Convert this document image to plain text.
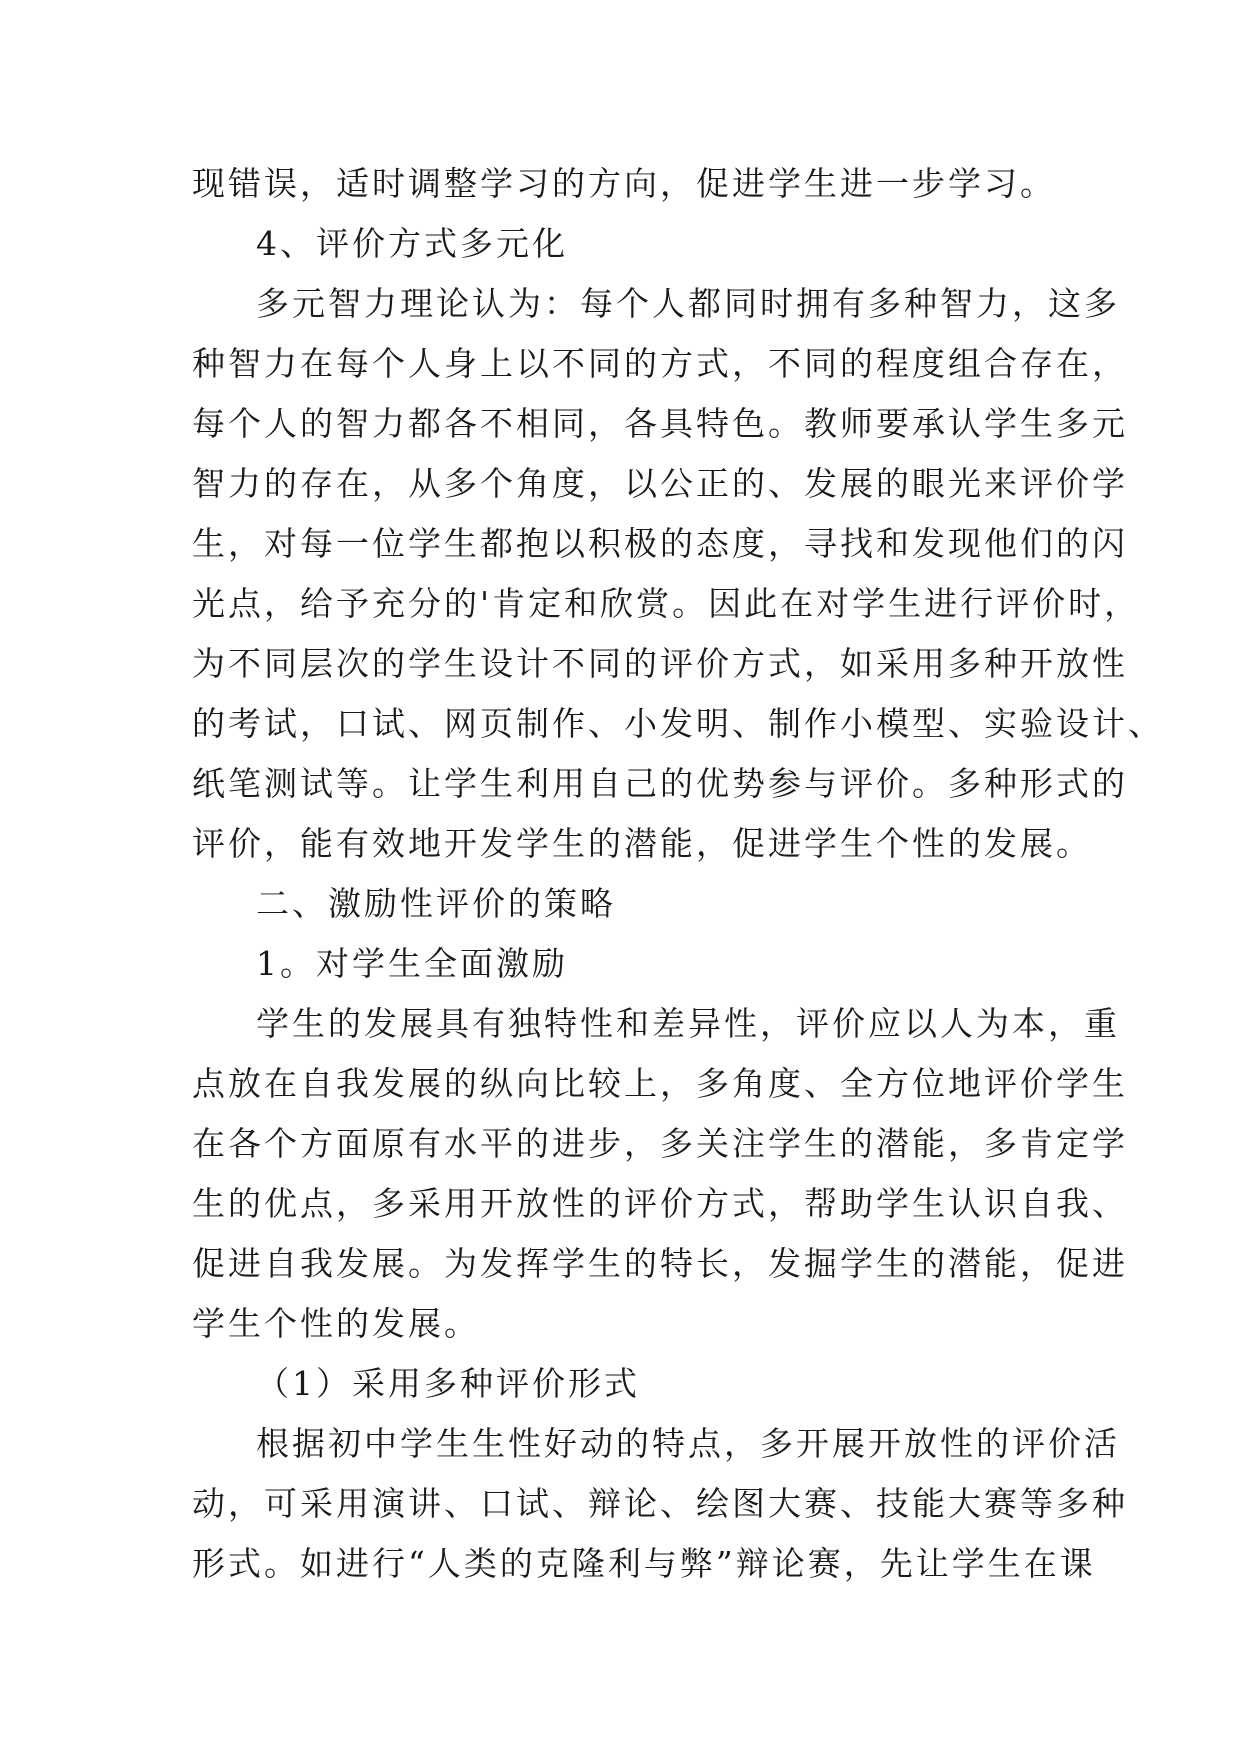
现错误，适时调整学习的方向，促进学生进一步学习。
4、评价方式多元化
多元智力理论认为：每个人都同时拥有多种智力，这多
种智力在每个人身上以不同的方式，不同的程度组合存在，
每个人的智力都各不相同，各具特色。教师要承认学生多元
智力的存在，从多个角度，以公正的、发展的眼光来评价学
生，对每一位学生都抱以积极的态度，寻找和发现他们的闪
光点，给予充分的'肯定和欣赏。因此在对学生进行评价时，
为不同层次的学生设计不同的评价方式，如采用多种开放性
的考试，口试、网页制作、小发明、制作小模型、实验设计、
纸笔测试等。让学生利用自己的优势参与评价。多种形式的
评价，能有效地开发学生的潜能，促进学生个性的发展。
二、激励性评价的策略
1。对学生全面激励
学生的发展具有独特性和差异性，评价应以人为本，重
点放在自我发展的纵向比较上，多角度、全方位地评价学生
在各个方面原有水平的进步，多关注学生的潜能，多肯定学
生的优点，多采用开放性的评价方式，帮助学生认识自我、
促进自我发展。为发挥学生的特长，发掘学生的潜能，促进
学生个性的发展。
（1）采用多种评价形式
根据初中学生生性好动的特点，多开展开放性的评价活
动，可采用演讲、口试、辩论、绘图大赛、技能大赛等多种
形式。如进行“人类的克隆利与弊”辩论赛，先让学生在课
